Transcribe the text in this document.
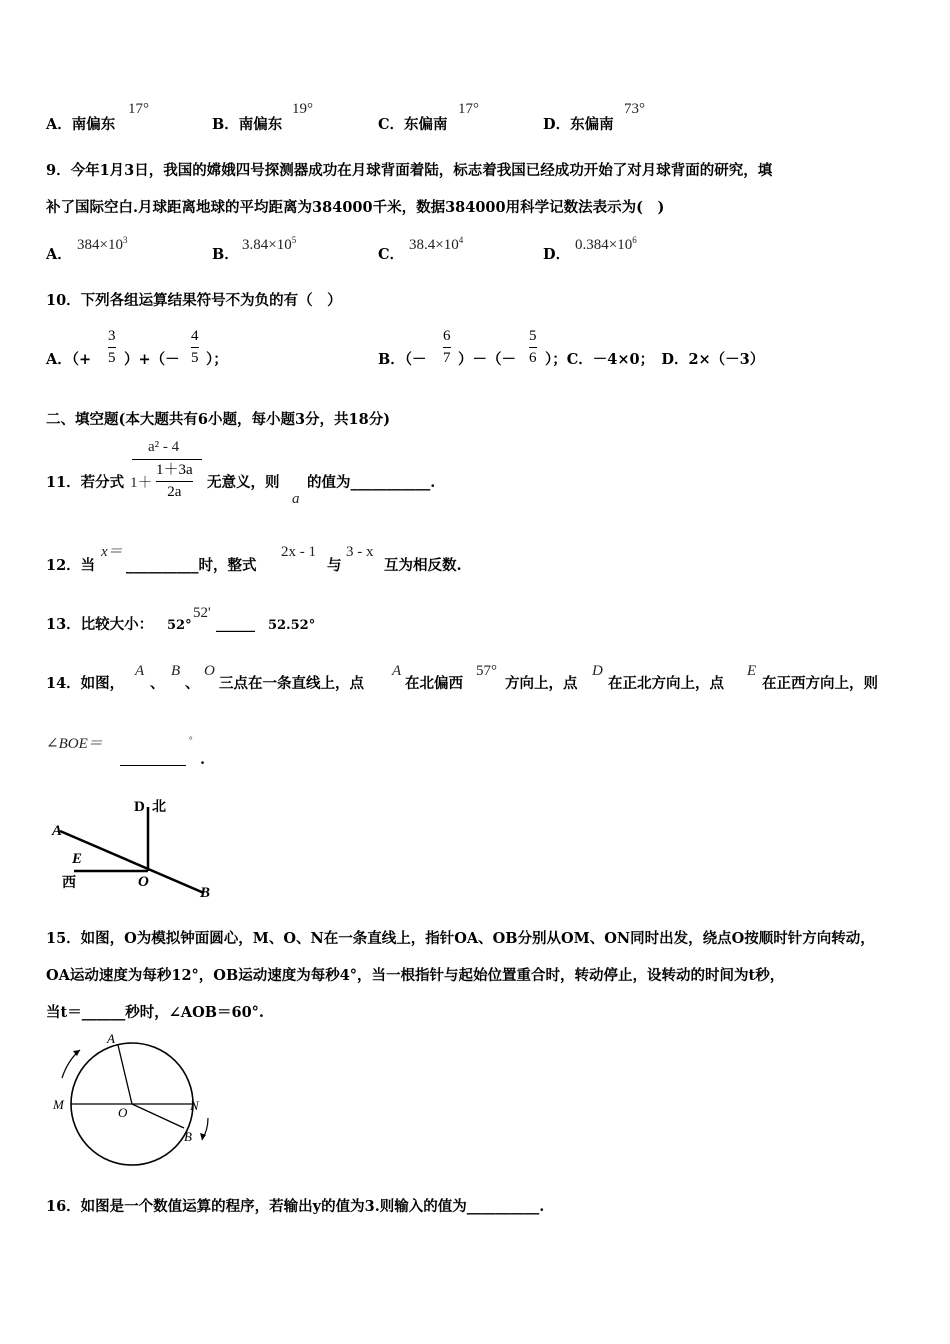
A．南偏东
17°
B．南偏东
19°
C．东偏南
17°
D．东偏南
73°
9．今年1月3日，我国的嫦娥四号探测器成功在月球背面着陆，标志着我国已经成功开始了对月球背面的研究，填
补了国际空白.月球距离地球的平均距离为384000千米，数据384000用科学记数法表示为(　)
A．
$384\times 10^3$
B．
$3.84\times 10^5$
C．
$38.4\times 10^4$
D．
$0.384\times 10^6$
10．下列各组运算结果符号不为负的有（　）
A．（+
3
5 ）+（－
4
5 ）；	B．（－
6
7 ）－（－
5
6 ）；C．－4×0；　D．2×（－3）
二、填空题(本大题共有6小题，每小题3分，共18分)
11．若分式
a² - 4
1＋
1＋3a
2a
无意义，则
a
的值为___________.
12．当
x＝
__________时，整式
2x - 1
与
3 - x
互为相反数.
13．比较大小： 52°
52'
______ 52.52°
14．如图，
A
、
B
、
O
三点在一条直线上，点
A
在北偏西
57°
方向上，点
D
在正北方向上，点
E
在正西方向上，则
∠BOE＝	°
.
D 北
A
E
西	O
B
15．如图，O为模拟钟面圆心，M、O、N在一条直线上，指针OA、OB分别从OM、ON同时出发，绕点O按顺时针方向转动，
OA运动速度为每秒12°，OB运动速度为每秒4°，当一根指针与起始位置重合时，转动停止，设转动的时间为t秒，
当t＝______秒时，∠AOB＝60°.
A
M
O	N
B
16．如图是一个数值运算的程序，若输出y的值为3.则输入的值为__________.
